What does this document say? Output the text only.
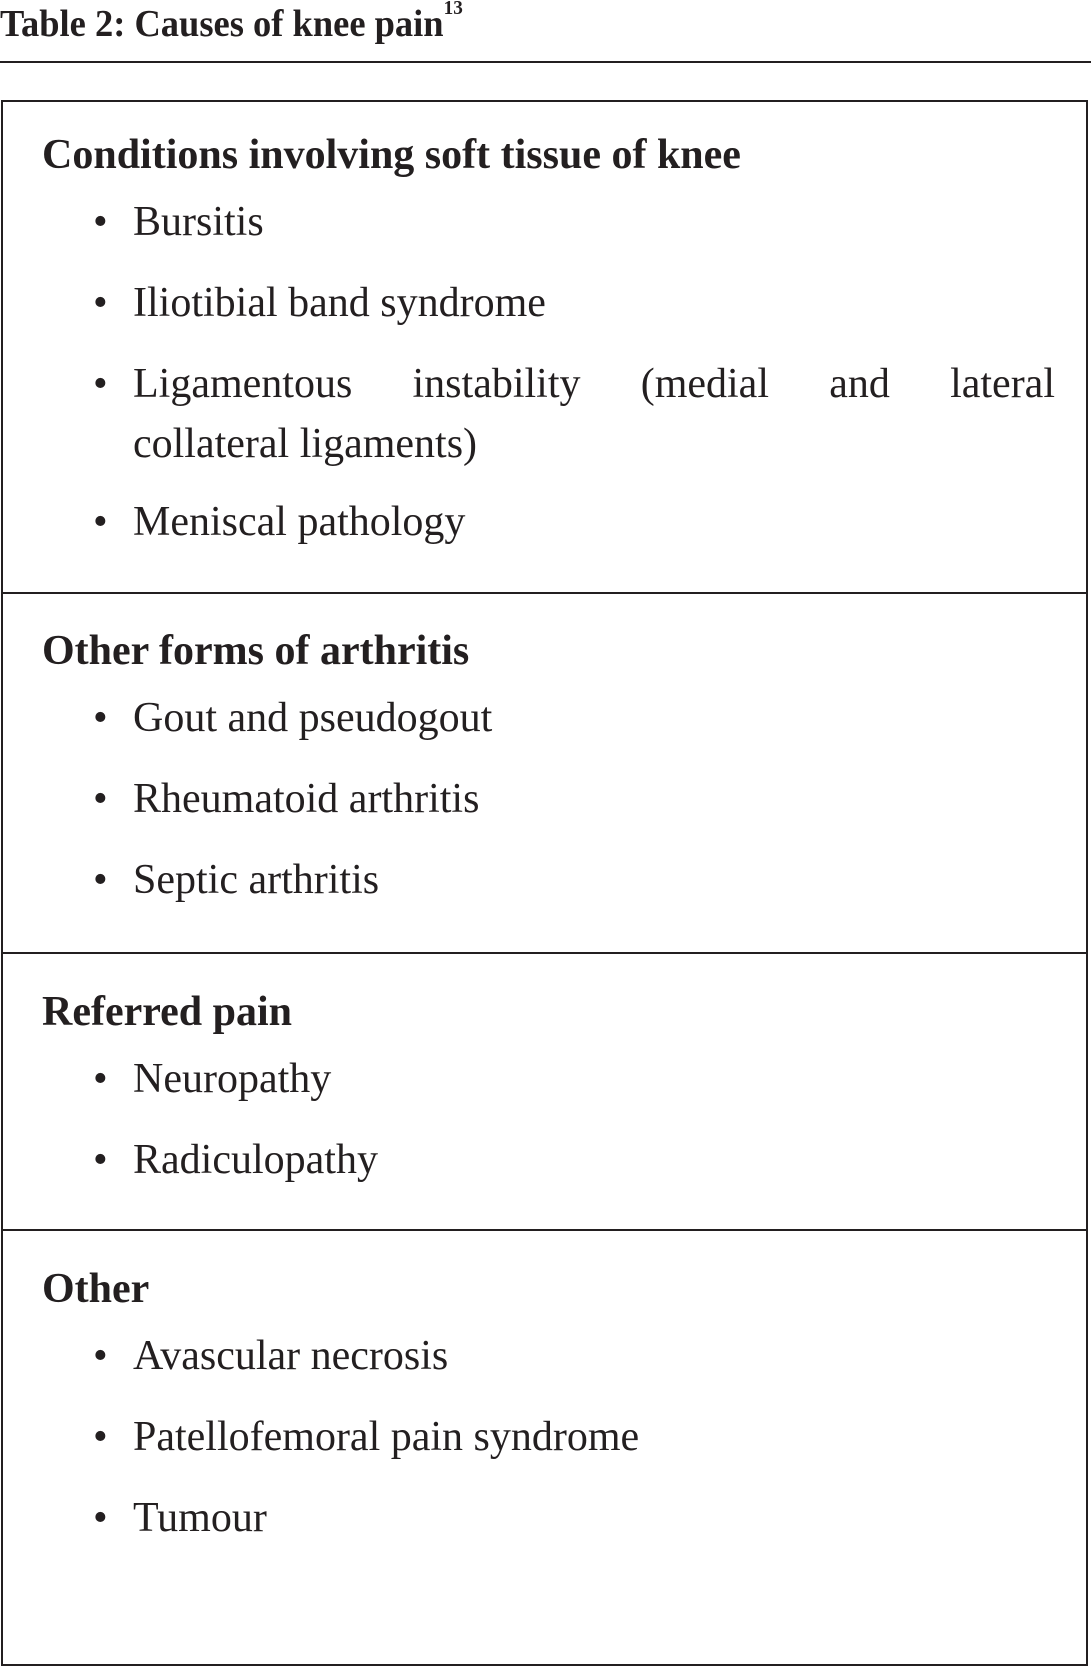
Table 2: Causes of knee pain$^{13}$
Conditions involving soft tissue of knee
• Bursitis
• Iliotibial band syndrome
• Ligamentous instability (medial and lateral
collateral ligaments)
• Meniscal pathology
Other forms of arthritis
• Gout and pseudogout
• Rheumatoid arthritis
• Septic arthritis
Referred pain
• Neuropathy
• Radiculopathy
Other
• Avascular necrosis
• Patellofemoral pain syndrome
• Tumour
